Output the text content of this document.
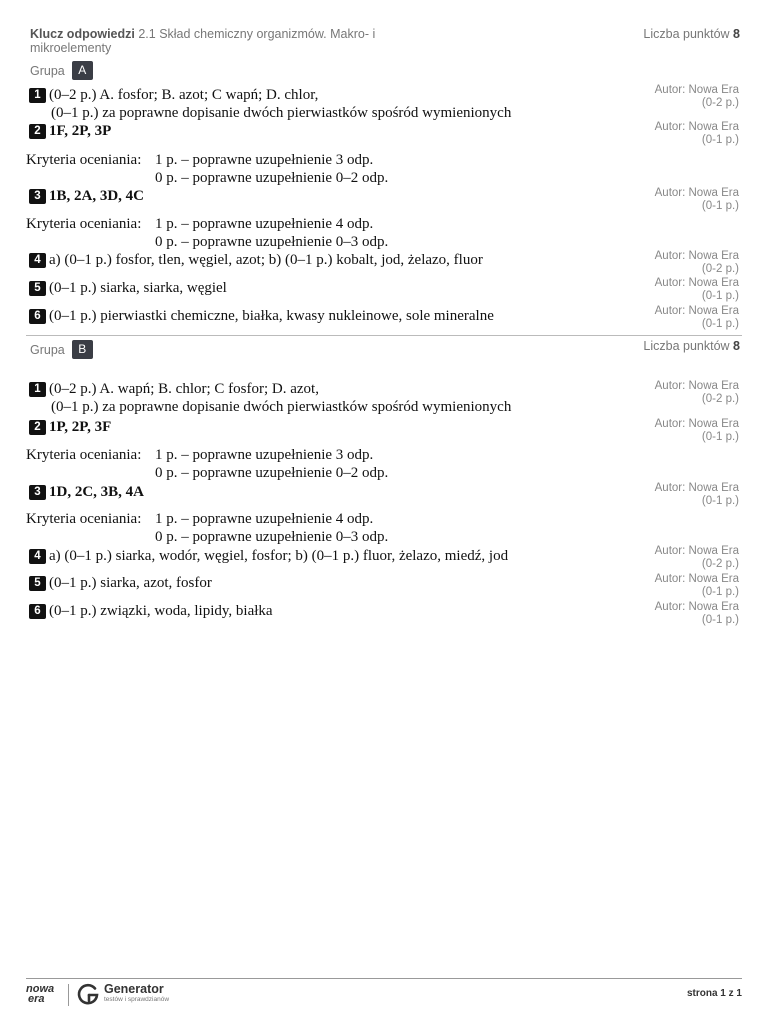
Klucz odpowiedzi 2.1 Skład chemiczny organizmów. Makro- i mikroelementy
Liczba punktów 8
Grupa	A
1 (0–2 p.) A. fosfor; B. azot; C wapń; D. chlor,
(0–1 p.) za poprawne dopisanie dwóch pierwiastków spośród wymienionych
Autor: Nowa Era
(0-2 p.)
2 1F, 2P, 3P	Autor: Nowa Era
(0-1 p.)
Kryteria oceniania: 1 p. – poprawne uzupełnienie 3 odp.
0 p. – poprawne uzupełnienie 0–2 odp.
3 1B, 2A, 3D, 4C	Autor: Nowa Era
(0-1 p.)
Kryteria oceniania: 1 p. – poprawne uzupełnienie 4 odp.
0 p. – poprawne uzupełnienie 0–3 odp.
4 a) (0–1 p.) fosfor, tlen, węgiel, azot; b) (0–1 p.) kobalt, jod, żelazo, fluor	Autor: Nowa Era
(0-2 p.)
5 (0–1 p.) siarka, siarka, węgiel	Autor: Nowa Era
(0-1 p.)
6 (0–1 p.) pierwiastki chemiczne, białka, kwasy nukleinowe, sole mineralne	Autor: Nowa Era
(0-1 p.)
Grupa	B	Liczba punktów 8
1 (0–2 p.) A. wapń; B. chlor; C fosfor; D. azot,
(0–1 p.) za poprawne dopisanie dwóch pierwiastków spośród wymienionych
Autor: Nowa Era
(0-2 p.)
2 1P, 2P, 3F	Autor: Nowa Era
(0-1 p.)
Kryteria oceniania: 1 p. – poprawne uzupełnienie 3 odp.
0 p. – poprawne uzupełnienie 0–2 odp.
3 1D, 2C, 3B, 4A	Autor: Nowa Era
(0-1 p.)
Kryteria oceniania: 1 p. – poprawne uzupełnienie 4 odp.
0 p. – poprawne uzupełnienie 0–3 odp.
4 a) (0–1 p.) siarka, wodór, węgiel, fosfor; b) (0–1 p.) fluor, żelazo, miedź, jod	Autor: Nowa Era
(0-2 p.)
5 (0–1 p.) siarka, azot, fosfor	Autor: Nowa Era
(0-1 p.)
6 (0–1 p.) związki, woda, lipidy, białka	Autor: Nowa Era
(0-1 p.)
nowa
era
Generator
testów i sprawdzianów
strona 1 z 1
